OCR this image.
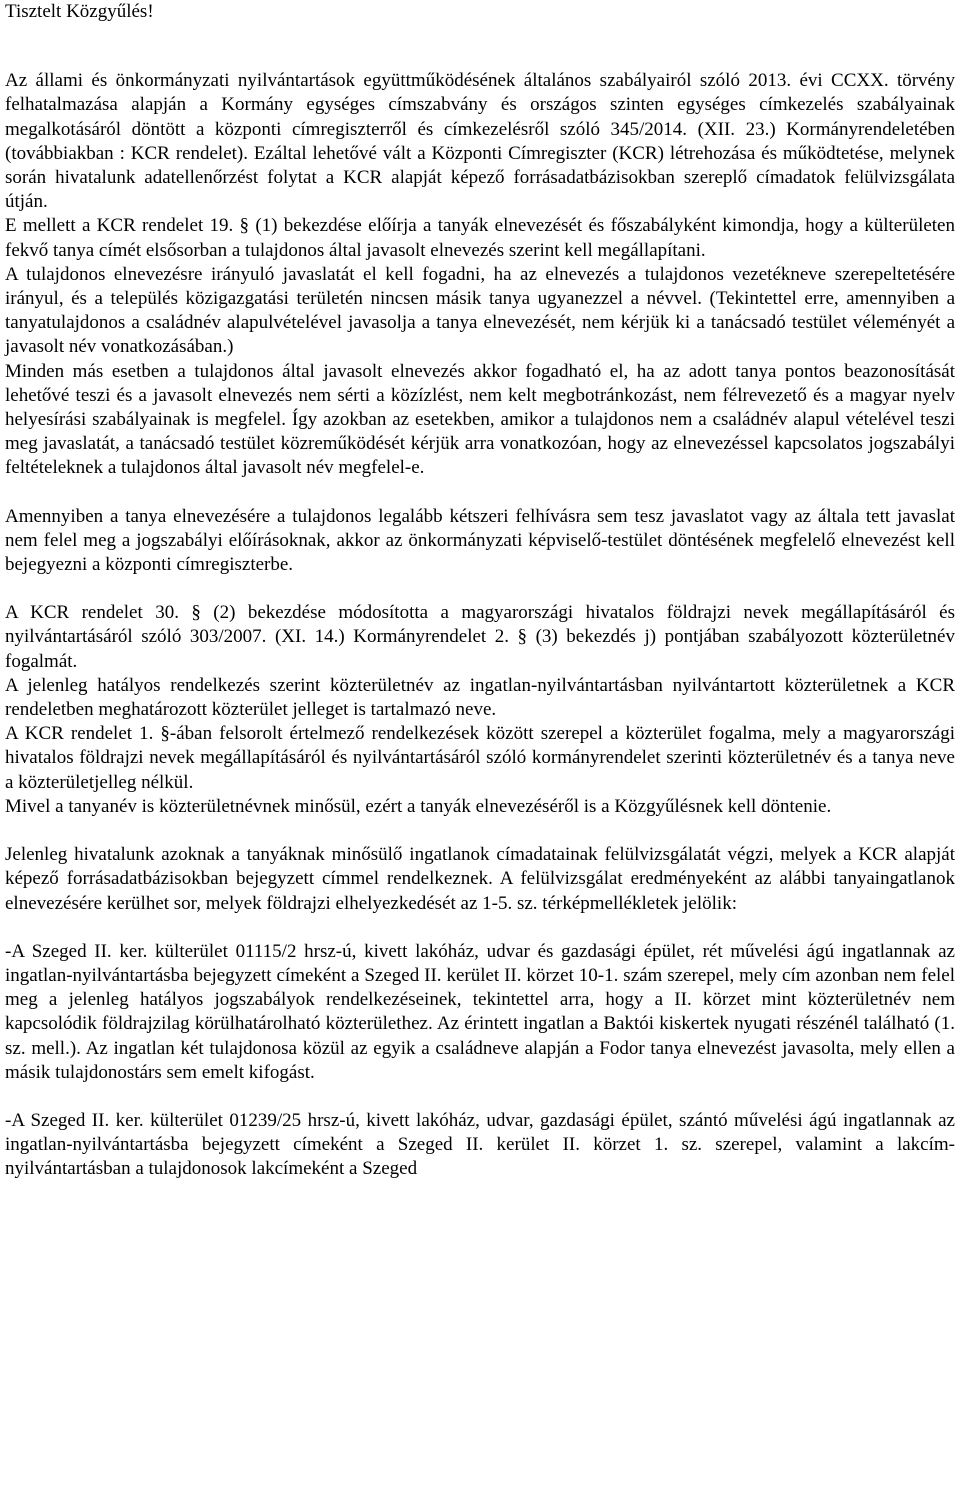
Tisztelt Közgyűlés!

Az állami és önkormányzati nyilvántartások együttműködésének általános szabályairól szóló 2013. évi CCXX. törvény felhatalmazása alapján a Kormány egységes címszabvány és országos szinten egységes címkezelés szabályainak megalkotásáról döntött a központi címregiszterről és címkezelésről szóló 345/2014. (XII. 23.) Kormányrendeletében (továbbiakban : KCR rendelet). Ezáltal lehetővé vált a Központi Címregiszter (KCR) létrehozása és működtetése, melynek során hivatalunk adatellenőrzést folytat a KCR alapját képező forrásadatbázisokban szereplő címadatok felülvizsgálata útján.

E mellett a KCR rendelet 19. § (1) bekezdése előírja a tanyák elnevezését és főszabályként kimondja, hogy a külterületen fekvő tanya címét elsősorban a tulajdonos által javasolt elnevezés szerint kell megállapítani.

A tulajdonos elnevezésre irányuló javaslatát el kell fogadni, ha az elnevezés a tulajdonos vezetékneve szerepeltetésére irányul, és a település közigazgatási területén nincsen másik tanya ugyanezzel a névvel. (Tekintettel erre, amennyiben a tanyatulajdonos a családnév alapulvételével javasolja a tanya elnevezését, nem kérjük ki a tanácsadó testület véleményét a javasolt név vonatkozásában.)

Minden más esetben a tulajdonos által javasolt elnevezés akkor fogadható el, ha az adott tanya pontos beazonosítását lehetővé teszi és a javasolt elnevezés nem sérti a közízlést, nem kelt megbotránkozást, nem félrevezető és a magyar nyelv helyesírási szabályainak is megfelel. Így azokban az esetekben, amikor a tulajdonos nem a családnév alapul vételével teszi meg javaslatát, a tanácsadó testület közreműködését kérjük arra vonatkozóan, hogy az elnevezéssel kapcsolatos jogszabályi feltételeknek a tulajdonos által javasolt név megfelel-e.

Amennyiben a tanya elnevezésére a tulajdonos legalább kétszeri felhívásra sem tesz javaslatot vagy az általa tett javaslat nem felel meg a jogszabályi előírásoknak, akkor az önkormányzati képviselő-testület döntésének megfelelő elnevezést kell bejegyezni a központi címregiszterbe.

A KCR rendelet 30. § (2) bekezdése módosította a magyarországi hivatalos földrajzi nevek megállapításáról és nyilvántartásáról szóló 303/2007. (XI. 14.) Kormányrendelet 2. § (3) bekezdés j) pontjában szabályozott közterületnév fogalmát.

A jelenleg hatályos rendelkezés szerint közterületnév az ingatlan-nyilvántartásban nyilvántartott közterületnek a KCR rendeletben meghatározott közterület jelleget is tartalmazó neve.

A KCR rendelet 1. §-ában felsorolt értelmező rendelkezések között szerepel a közterület fogalma, mely a magyarországi hivatalos földrajzi nevek megállapításáról és nyilvántartásáról szóló kormányrendelet szerinti közterületnév és a tanya neve a közterületjelleg nélkül.

Mivel a tanyanév is közterületnévnek minősül, ezért a tanyák elnevezéséről is a Közgyűlésnek kell döntenie.

Jelenleg hivatalunk azoknak a tanyáknak minősülő ingatlanok címadatainak felülvizsgálatát végzi, melyek a KCR alapját képező forrásadatbázisokban bejegyzett címmel rendelkeznek. A felülvizsgálat eredményeként az alábbi tanyaingatlanok elnevezésére kerülhet sor, melyek földrajzi elhelyezkedését az 1-5. sz. térképmellékletek jelölik:

-A Szeged II. ker. külterület 01115/2 hrsz-ú, kivett lakóház, udvar és gazdasági épület, rét művelési ágú ingatlannak az ingatlan-nyilvántartásba bejegyzett címeként a Szeged II. kerület II. körzet 10-1. szám szerepel, mely cím azonban nem felel meg a jelenleg hatályos jogszabályok rendelkezéseinek, tekintettel arra, hogy a II. körzet mint közterületnév nem kapcsolódik földrajzilag körülhatárolható közterülethez. Az érintett ingatlan a Baktói kiskertek nyugati részénél található (1. sz. mell.). Az ingatlan két tulajdonosa közül az egyik a családneve alapján a Fodor tanya elnevezést javasolta, mely ellen a másik tulajdonostárs sem emelt kifogást.

-A Szeged II. ker. külterület 01239/25 hrsz-ú, kivett lakóház, udvar, gazdasági épület, szántó művelési ágú ingatlannak az ingatlan-nyilvántartásba bejegyzett címeként a Szeged II. kerület II. körzet 1. sz. szerepel, valamint a lakcím-nyilvántartásban a tulajdonosok lakcímeként a Szeged
